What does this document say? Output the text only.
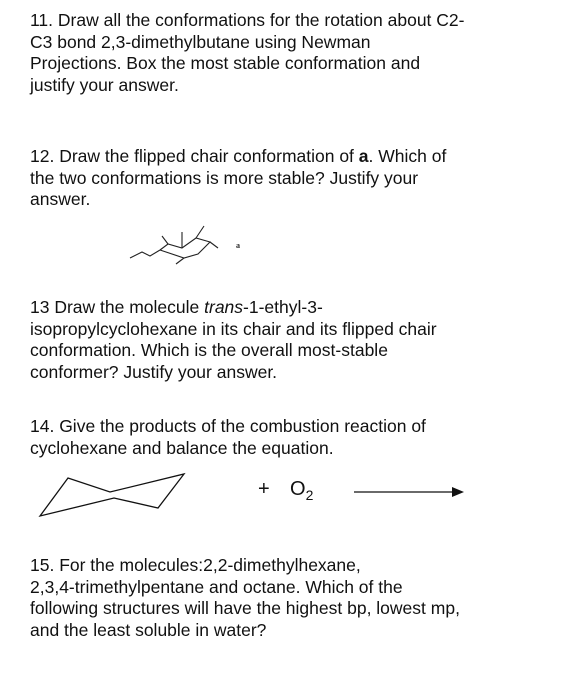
11. Draw all the conformations for the rotation about C2-
C3 bond 2,3-dimethylbutane using Newman
Projections. Box the most stable conformation and
justify your answer.
12. Draw the flipped chair conformation of a. Which of
the two conformations is more stable? Justify your
answer.
a
13 Draw the molecule trans-1-ethyl-3-
isopropylcyclohexane in its chair and its flipped chair
conformation. Which is the overall most-stable
conformer? Justify your answer.
14. Give the products of the combustion reaction of
cyclohexane and balance the equation.
+ $O_2$
15. For the molecules:2,2-dimethylhexane,
2,3,4-trimethylpentane and octane. Which of the
following structures will have the highest bp, lowest mp,
and the least soluble in water?
